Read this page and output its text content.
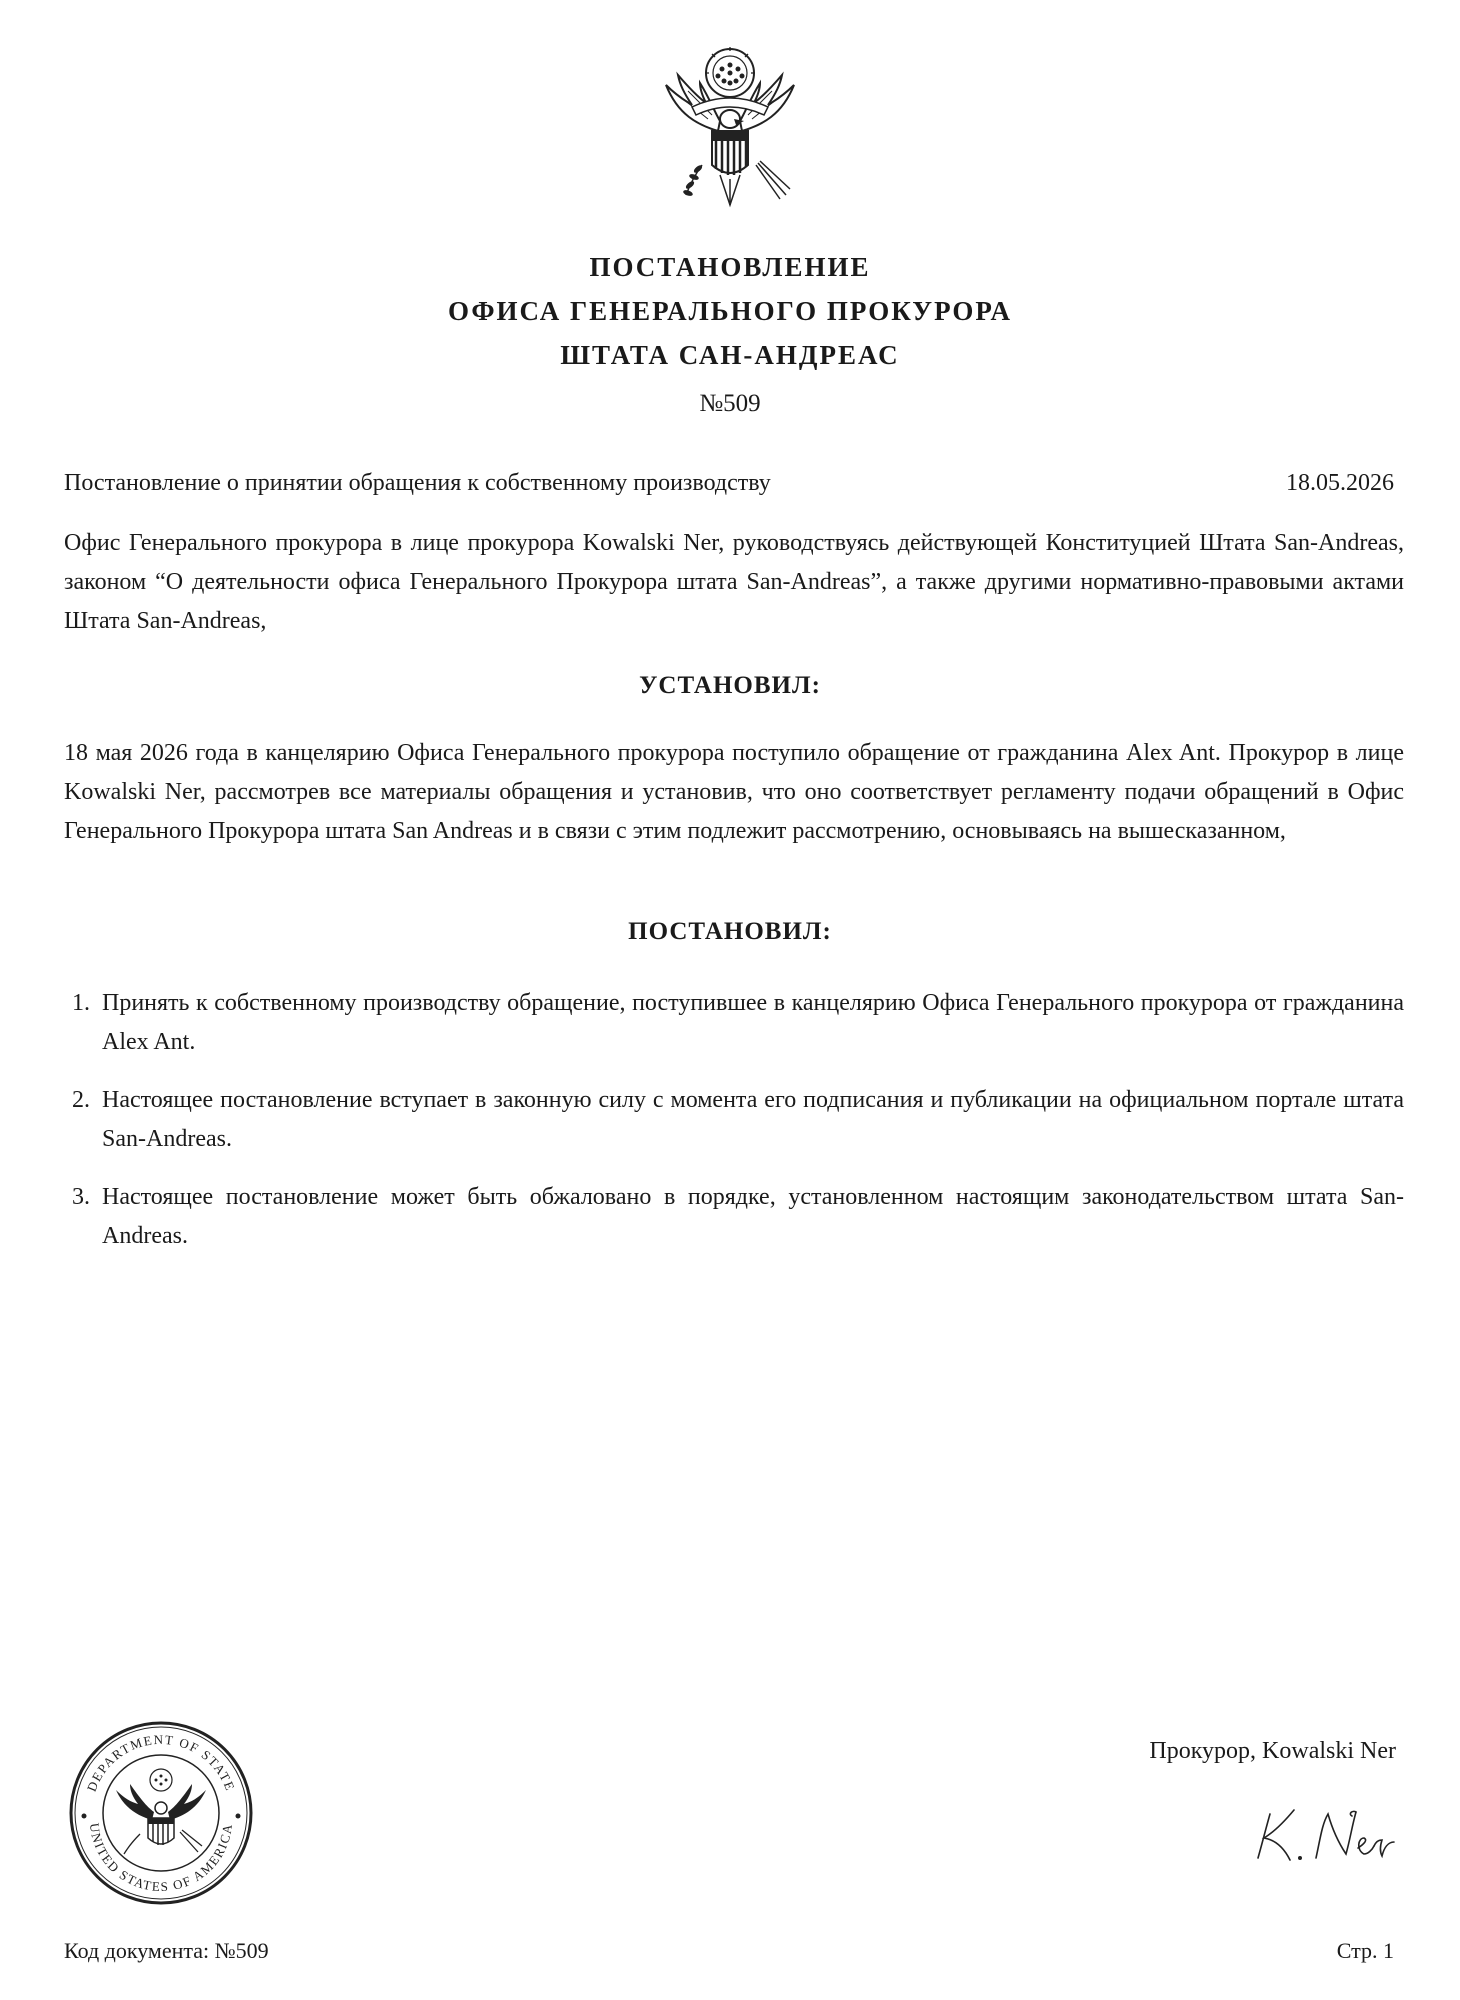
ПОСТАНОВЛЕНИЕ
ОФИСА ГЕНЕРАЛЬНОГО ПРОКУРОРА
ШТАТА САН-АНДРЕАС
№509
Постановление о принятии обращения к собственному производству	18.05.2026

Офис Генерального прокурора в лице прокурора Kowalski Ner, руководствуясь действующей Конституцией Штата San-Andreas, законом “О деятельности офиса Генерального Прокурора штата San-Andreas”, а также другими нормативно-правовыми актами Штата San-Andreas,

УСТАНОВИЛ:

18 мая 2026 года в канцелярию Офиса Генерального прокурора поступило обращение от гражданина Alex Ant. Прокурор в лице Kowalski Ner, рассмотрев все материалы обращения и установив, что оно соответствует регламенту подачи обращений в Офис Генерального Прокурора штата San Andreas и в связи с этим подлежит рассмотрению, основываясь на вышесказанном,

ПОСТАНОВИЛ:
1. Принять к собственному производству обращение, поступившее в канцелярию Офиса Генерального прокурора от гражданина Alex Ant.
2. Настоящее постановление вступает в законную силу с момента его подписания и публикации на официальном портале штата San-Andreas.
3. Настоящее постановление может быть обжаловано в порядке, установленном настоящим законодательством штата San-Andreas.
DEPARTMENT OF STATE
UNITED STATES OF AMERICA
Прокурор, Kowalski Ner
Код документа: №509	Стр. 1
